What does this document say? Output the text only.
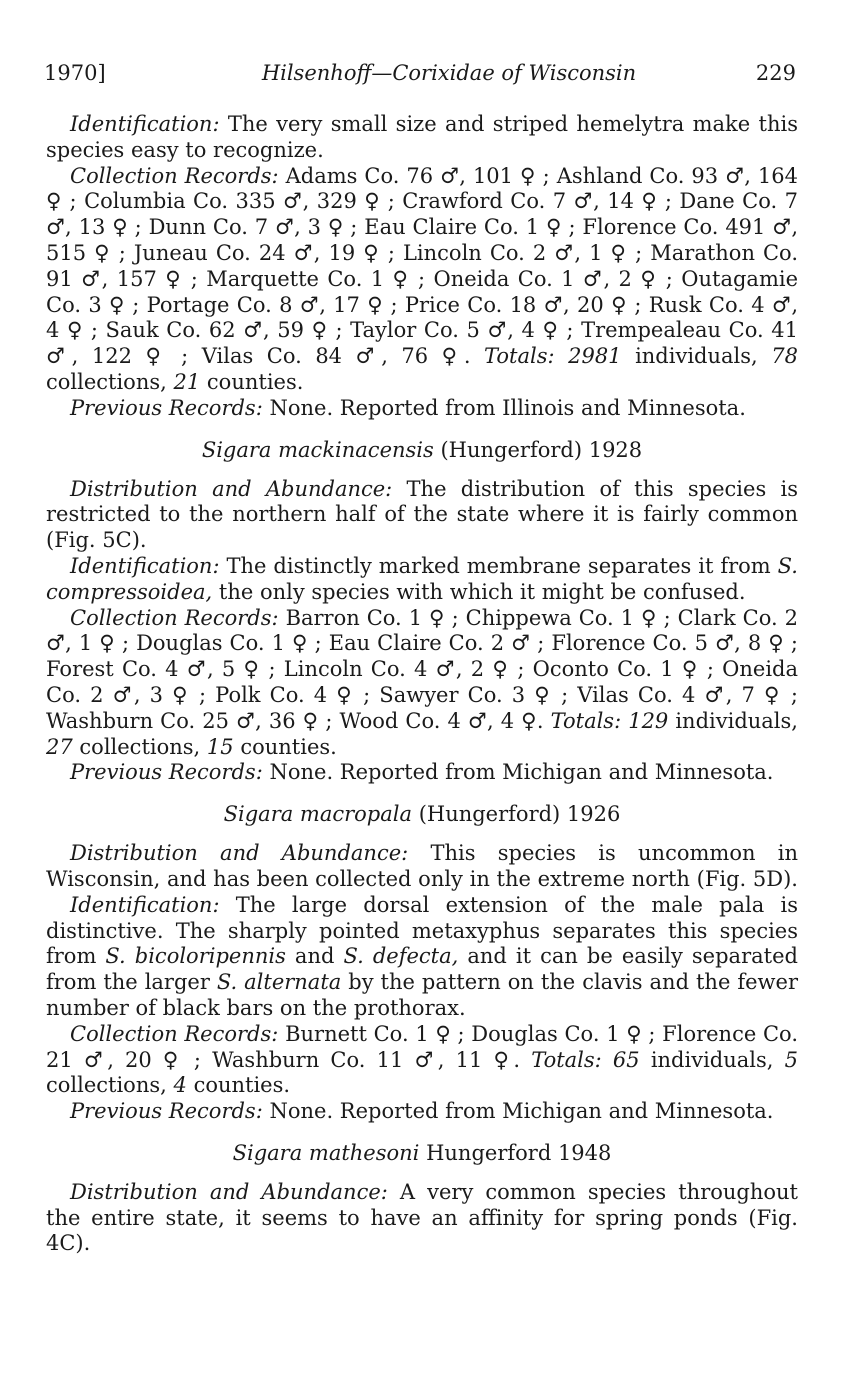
1970]	Hilsenhoff—Corixidae of Wisconsin	229

Identification: The very small size and striped hemelytra make this species easy to recognize.

Collection Records: Adams Co. 76 ♂, 101 ♀ ; Ashland Co. 93 ♂, 164 ♀ ; Columbia Co. 335 ♂, 329 ♀ ; Crawford Co. 7 ♂, 14 ♀ ; Dane Co. 7 ♂, 13 ♀ ; Dunn Co. 7 ♂, 3 ♀ ; Eau Claire Co. 1 ♀ ; Florence Co. 491 ♂, 515 ♀ ; Juneau Co. 24 ♂, 19 ♀ ; Lincoln Co. 2 ♂, 1 ♀ ; Marathon Co. 91 ♂, 157 ♀ ; Marquette Co. 1 ♀ ; Oneida Co. 1 ♂, 2 ♀ ; Outagamie Co. 3 ♀ ; Portage Co. 8 ♂, 17 ♀ ; Price Co. 18 ♂, 20 ♀ ; Rusk Co. 4 ♂, 4 ♀ ; Sauk Co. 62 ♂, 59 ♀ ; Taylor Co. 5 ♂, 4 ♀ ; Trempealeau Co. 41 ♂, 122 ♀ ; Vilas Co. 84 ♂, 76 ♀. Totals: 2981 individuals, 78 collections, 21 counties.

Previous Records: None. Reported from Illinois and Minnesota.

Sigara mackinacensis (Hungerford) 1928

Distribution and Abundance: The distribution of this species is restricted to the northern half of the state where it is fairly common (Fig. 5C).

Identification: The distinctly marked membrane separates it from S. compressoidea, the only species with which it might be confused.

Collection Records: Barron Co. 1 ♀ ; Chippewa Co. 1 ♀ ; Clark Co. 2 ♂, 1 ♀ ; Douglas Co. 1 ♀ ; Eau Claire Co. 2 ♂ ; Florence Co. 5 ♂, 8 ♀ ; Forest Co. 4 ♂, 5 ♀ ; Lincoln Co. 4 ♂, 2 ♀ ; Oconto Co. 1 ♀ ; Oneida Co. 2 ♂, 3 ♀ ; Polk Co. 4 ♀ ; Sawyer Co. 3 ♀ ; Vilas Co. 4 ♂, 7 ♀ ; Washburn Co. 25 ♂, 36 ♀ ; Wood Co. 4 ♂, 4 ♀. Totals: 129 individuals, 27 collections, 15 counties.

Previous Records: None. Reported from Michigan and Minnesota.

Sigara macropala (Hungerford) 1926

Distribution and Abundance: This species is uncommon in Wisconsin, and has been collected only in the extreme north (Fig. 5D).

Identification: The large dorsal extension of the male pala is distinctive. The sharply pointed metaxyphus separates this species from S. bicoloripennis and S. defecta, and it can be easily separated from the larger S. alternata by the pattern on the clavis and the fewer number of black bars on the prothorax.

Collection Records: Burnett Co. 1 ♀ ; Douglas Co. 1 ♀ ; Florence Co. 21 ♂, 20 ♀ ; Washburn Co. 11 ♂, 11 ♀. Totals: 65 individuals, 5 collections, 4 counties.

Previous Records: None. Reported from Michigan and Minnesota.

Sigara mathesoni Hungerford 1948

Distribution and Abundance: A very common species throughout the entire state, it seems to have an affinity for spring ponds (Fig. 4C).
